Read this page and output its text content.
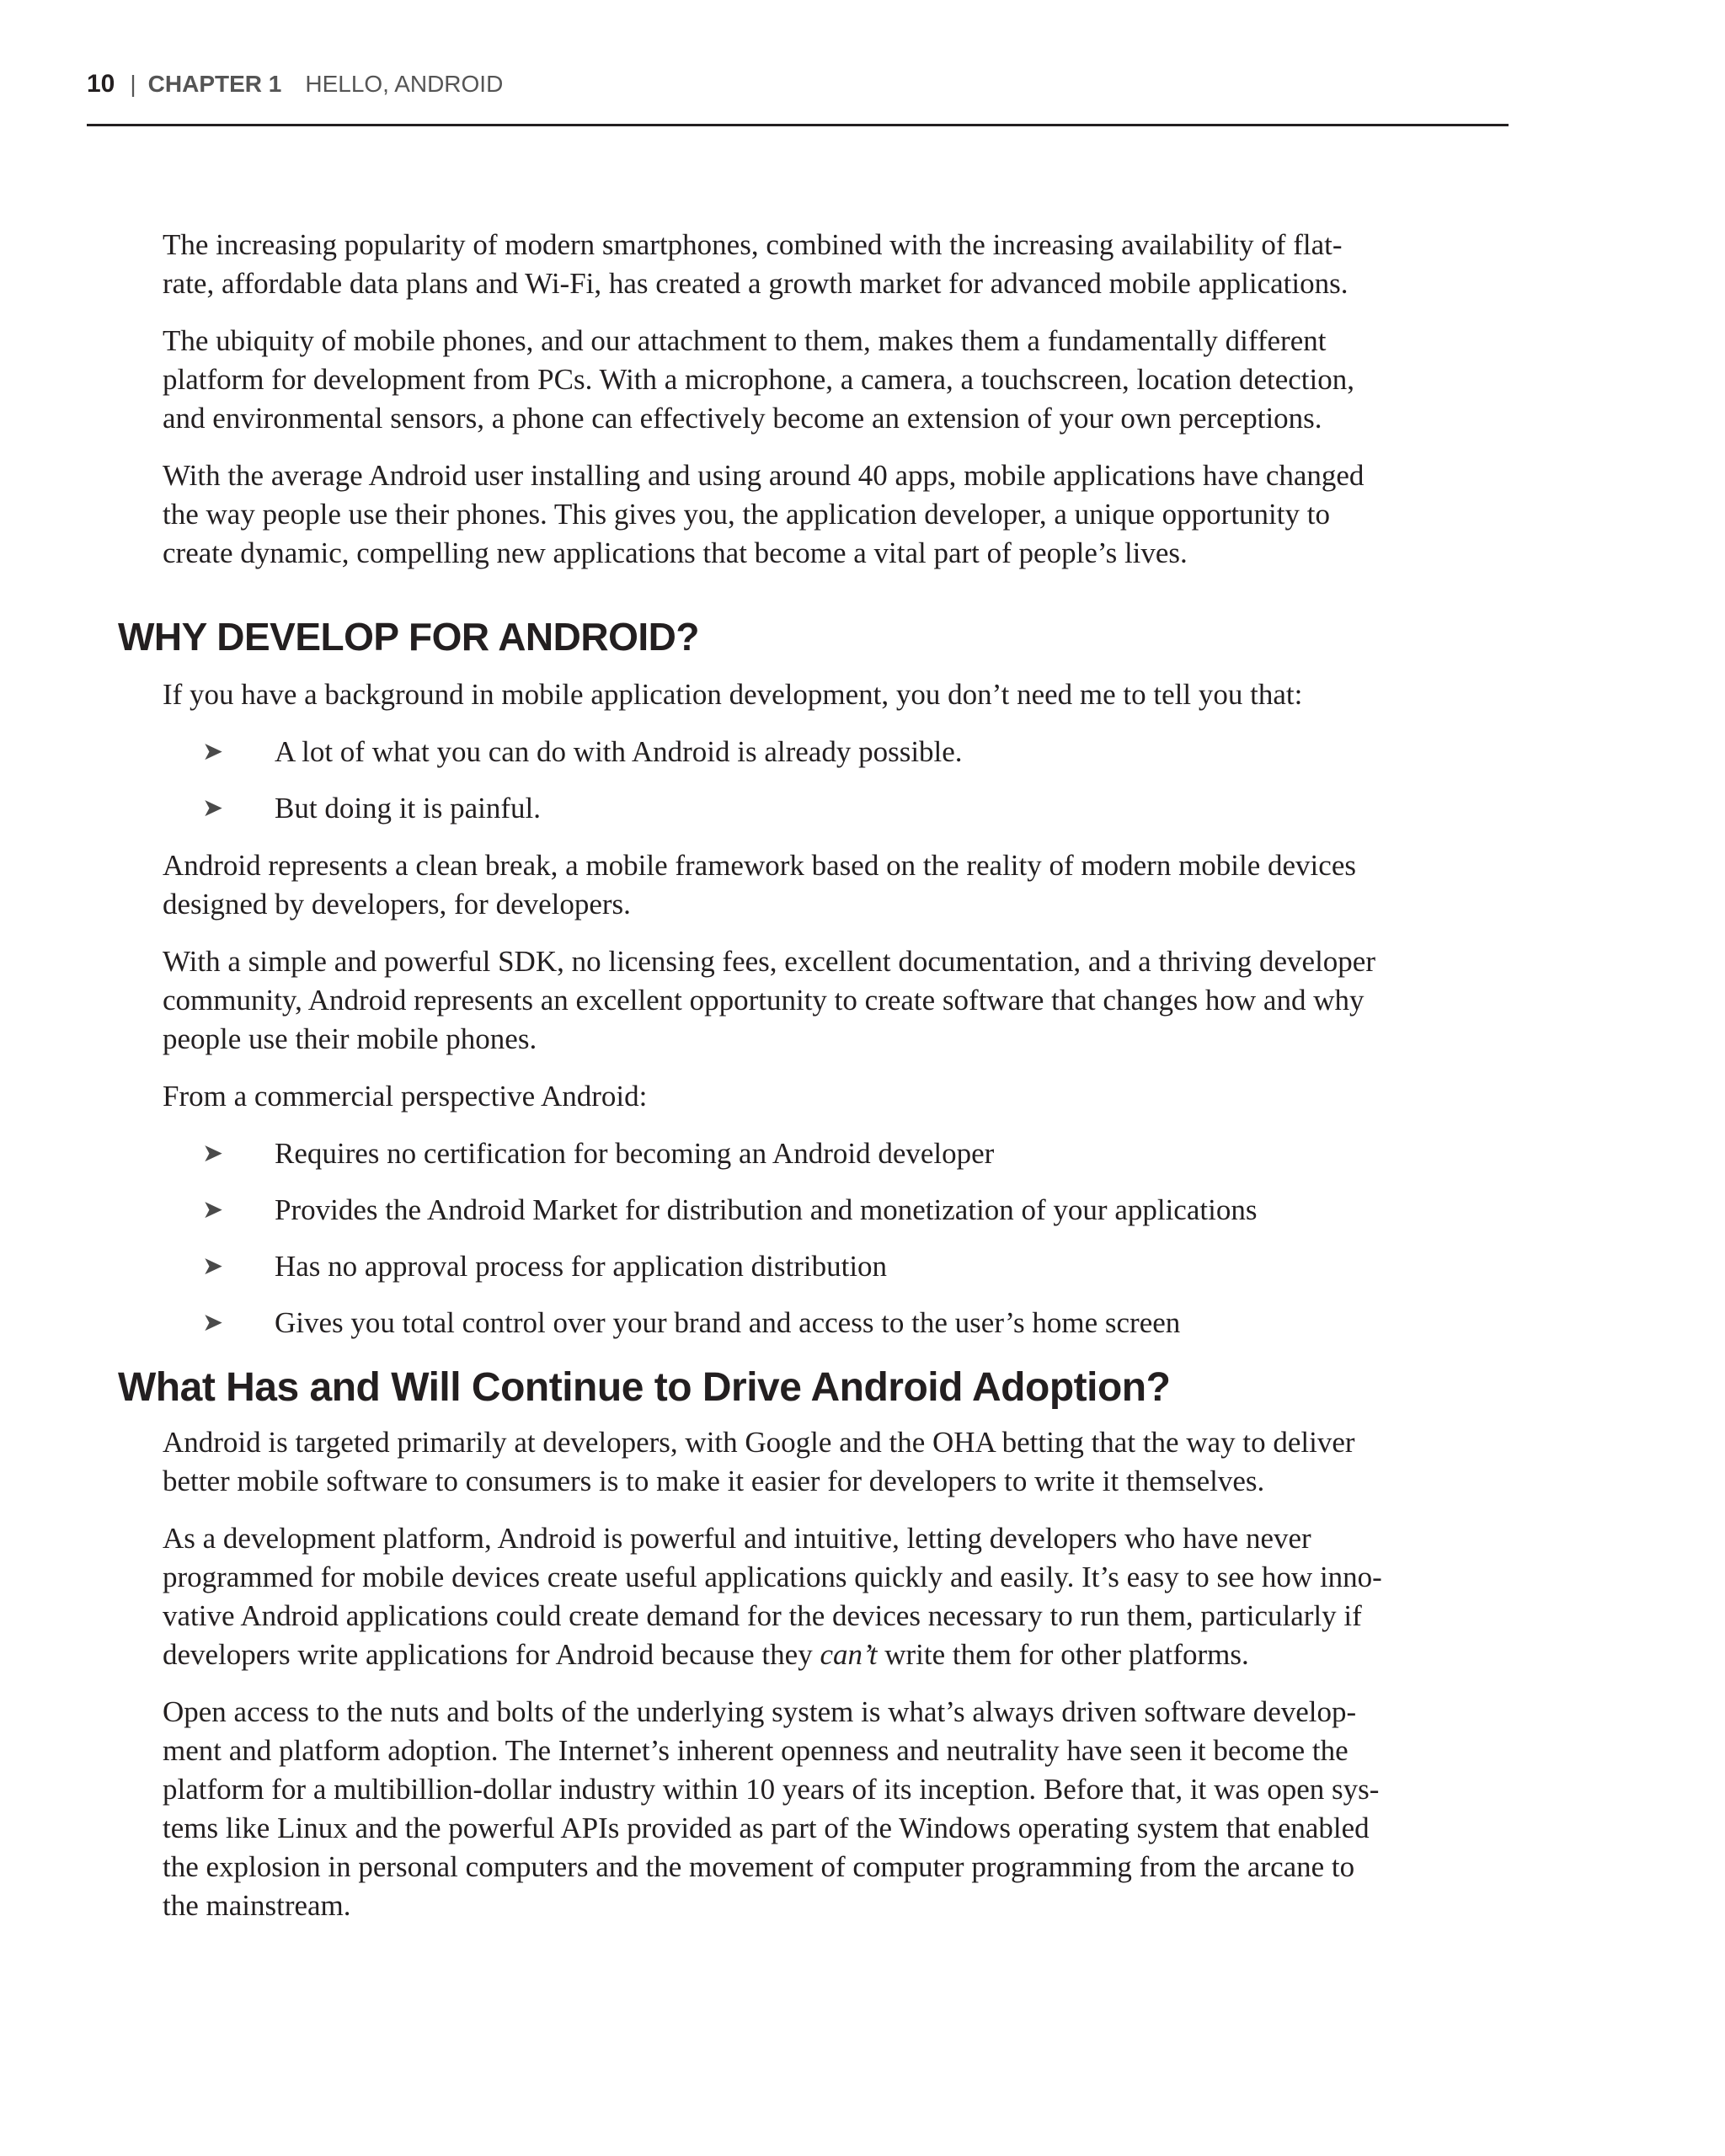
10 | CHAPTER 1 HELLO, ANDROID

The increasing popularity of modern smartphones, combined with the increasing availability of flat-
rate, affordable data plans and Wi-Fi, has created a growth market for advanced mobile applications.

The ubiquity of mobile phones, and our attachment to them, makes them a fundamentally different
platform for development from PCs. With a microphone, a camera, a touchscreen, location detection,
and environmental sensors, a phone can effectively become an extension of your own perceptions.

With the average Android user installing and using around 40 apps, mobile applications have changed
the way people use their phones. This gives you, the application developer, a unique opportunity to
create dynamic, compelling new applications that become a vital part of people’s lives.

WHY DEVELOP FOR ANDROID?

If you have a background in mobile application development, you don’t need me to tell you that:

➤ A lot of what you can do with Android is already possible.
➤ But doing it is painful.

Android represents a clean break, a mobile framework based on the reality of modern mobile devices
designed by developers, for developers.

With a simple and powerful SDK, no licensing fees, excellent documentation, and a thriving developer
community, Android represents an excellent opportunity to create software that changes how and why
people use their mobile phones.

From a commercial perspective Android:

➤ Requires no certification for becoming an Android developer
➤ Provides the Android Market for distribution and monetization of your applications
➤ Has no approval process for application distribution
➤ Gives you total control over your brand and access to the user’s home screen
What Has and Will Continue to Drive Android Adoption?

Android is targeted primarily at developers, with Google and the OHA betting that the way to deliver
better mobile software to consumers is to make it easier for developers to write it themselves.

As a development platform, Android is powerful and intuitive, letting developers who have never
programmed for mobile devices create useful applications quickly and easily. It’s easy to see how inno-
vative Android applications could create demand for the devices necessary to run them, particularly if
developers write applications for Android because they can’t write them for other platforms.

Open access to the nuts and bolts of the underlying system is what’s always driven software develop-
ment and platform adoption. The Internet’s inherent openness and neutrality have seen it become the
platform for a multibillion-dollar industry within 10 years of its inception. Before that, it was open sys-
tems like Linux and the powerful APIs provided as part of the Windows operating system that enabled
the explosion in personal computers and the movement of computer programming from the arcane to
the mainstream.
